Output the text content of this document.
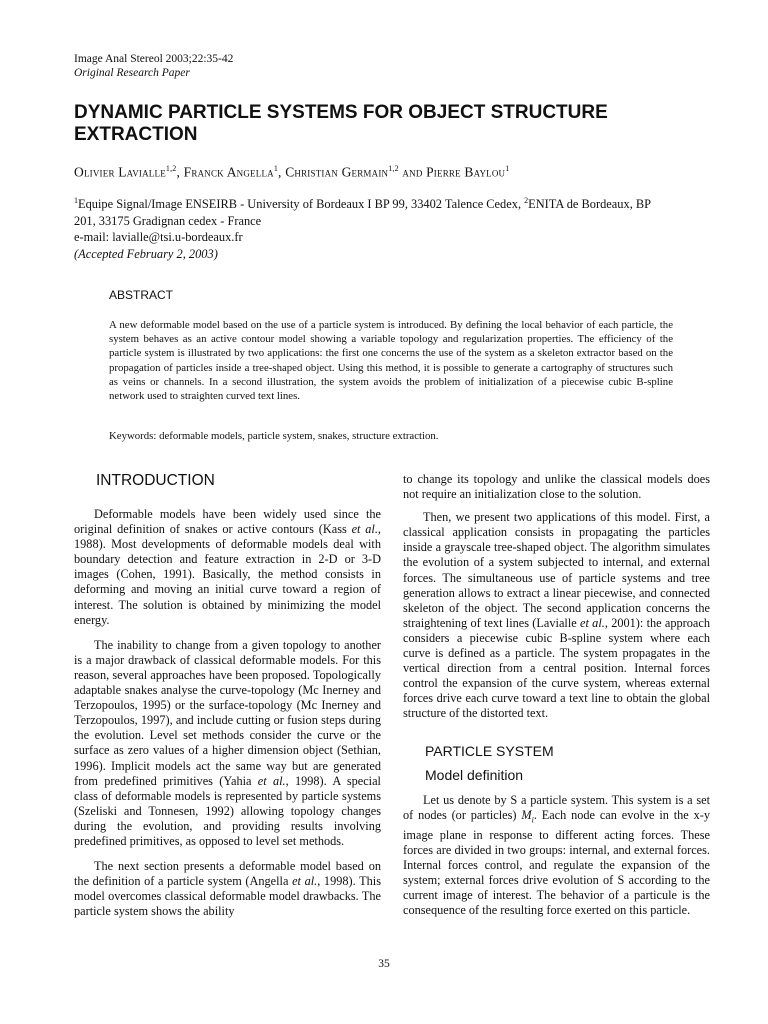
Image Anal Stereol 2003;22:35-42
Original Research Paper
DYNAMIC PARTICLE SYSTEMS FOR OBJECT STRUCTURE EXTRACTION
Olivier Lavialle$^{1,2}$, Franck Angella$^1$, Christian Germain$^{1,2}$ and Pierre Baylou$^1$
$^1$Equipe Signal/Image ENSEIRB - University of Bordeaux I BP 99, 33402 Talence Cedex, $^2$ENITA de Bordeaux, BP 201, 33175 Gradignan cedex - France
e-mail: lavialle@tsi.u-bordeaux.fr
(Accepted February 2, 2003)
ABSTRACT
A new deformable model based on the use of a particle system is introduced. By defining the local behavior of each particle, the system behaves as an active contour model showing a variable topology and regularization properties. The efficiency of the particle system is illustrated by two applications: the first one concerns the use of the system as a skeleton extractor based on the propagation of particles inside a tree-shaped object. Using this method, it is possible to generate a cartography of structures such as veins or channels. In a second illustration, the system avoids the problem of initialization of a piecewise cubic B-spline network used to straighten curved text lines.
Keywords: deformable models, particle system, snakes, structure extraction.
INTRODUCTION

Deformable models have been widely used since the original definition of snakes or active contours (Kass et al., 1988). Most developments of deformable models deal with boundary detection and feature extraction in 2-D or 3-D images (Cohen, 1991). Basically, the method consists in deforming and moving an initial curve toward a region of interest. The solution is obtained by minimizing the model energy.

The inability to change from a given topology to another is a major drawback of classical deformable models. For this reason, several approaches have been proposed. Topologically adaptable snakes analyse the curve-topology (Mc Inerney and Terzopoulos, 1995) or the surface-topology (Mc Inerney and Terzopoulos, 1997), and include cutting or fusion steps during the evolution. Level set methods consider the curve or the surface as zero values of a higher dimension object (Sethian, 1996). Implicit models act the same way but are generated from predefined primitives (Yahia et al., 1998). A special class of deformable models is represented by particle systems (Szeliski and Tonnesen, 1992) allowing topology changes during the evolution, and providing results involving predefined primitives, as opposed to level set methods.

The next section presents a deformable model based on the definition of a particle system (Angella et al., 1998). This model overcomes classical deformable model drawbacks. The particle system shows the ability

to change its topology and unlike the classical models does not require an initialization close to the solution.

Then, we present two applications of this model. First, a classical application consists in propagating the particles inside a grayscale tree-shaped object. The algorithm simulates the evolution of a system subjected to internal, and external forces. The simultaneous use of particle systems and tree generation allows to extract a linear piecewise, and connected skeleton of the object. The second application concerns the straightening of text lines (Lavialle et al., 2001): the approach considers a piecewise cubic B-spline system where each curve is defined as a particle. The system propagates in the vertical direction from a central position. Internal forces control the expansion of the curve system, whereas external forces drive each curve toward a text line to obtain the global structure of the distorted text.

PARTICLE SYSTEM
Model definition

Let us denote by S a particle system. This system is a set of nodes (or particles) $M_i$. Each node can evolve in the x-y image plane in response to different acting forces. These forces are divided in two groups: internal, and external forces. Internal forces control, and regulate the expansion of the system; external forces drive evolution of S according to the current image of interest. The behavior of a particule is the consequence of the resulting force exerted on this particle.

35
